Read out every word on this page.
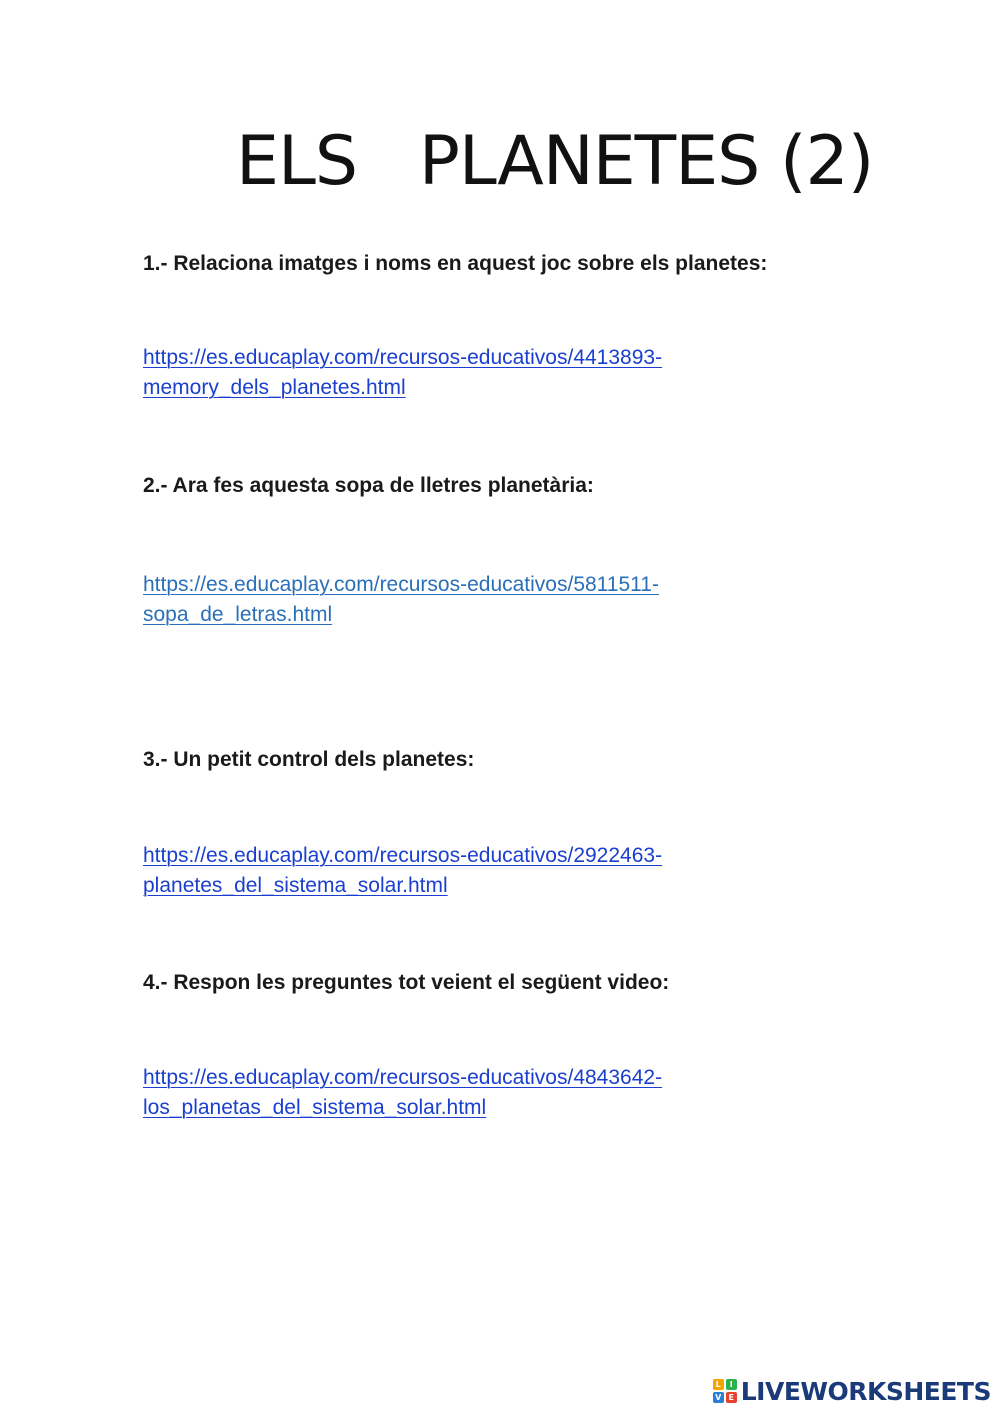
ELS   PLANETES (2)

1.- Relaciona imatges i noms en aquest joc sobre els planetes:

https://es.educaplay.com/recursos-educativos/4413893-
memory_dels_planetes.html

2.- Ara fes aquesta sopa de lletres planetària:

https://es.educaplay.com/recursos-educativos/5811511-
sopa_de_letras.html

3.- Un petit control dels planetes:

https://es.educaplay.com/recursos-educativos/2922463-
planetes_del_sistema_solar.html

4.- Respon les preguntes tot veient el següent video:

https://es.educaplay.com/recursos-educativos/4843642-
los_planetas_del_sistema_solar.html
L	I
V E LIVEWORKSHEETS
